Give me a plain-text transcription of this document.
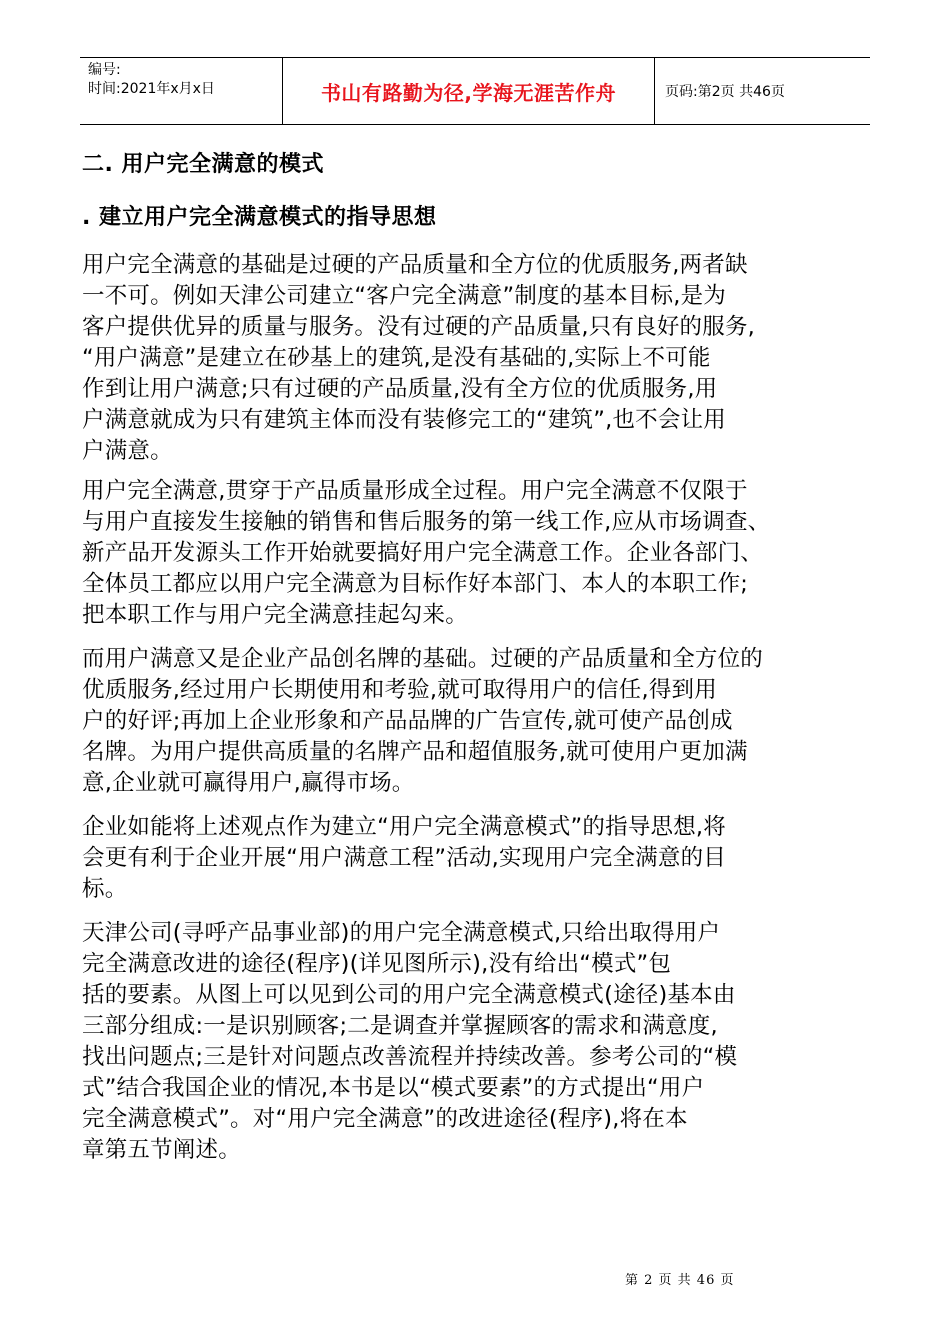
编号:
时间:2021年x月x日	书山有路勤为径,学海无涯苦作舟	页码:第2页 共46页
二. 用户完全满意的模式
. 建立用户完全满意模式的指导思想
用户完全满意的基础是过硬的产品质量和全方位的优质服务,两者缺
一不可。例如天津公司建立“客户完全满意”制度的基本目标,是为
客户提供优异的质量与服务。没有过硬的产品质量,只有良好的服务,
“用户满意”是建立在砂基上的建筑,是没有基础的,实际上不可能
作到让用户满意;只有过硬的产品质量,没有全方位的优质服务,用
户满意就成为只有建筑主体而没有装修完工的“建筑”,也不会让用
户满意。
用户完全满意,贯穿于产品质量形成全过程。用户完全满意不仅限于
与用户直接发生接触的销售和售后服务的第一线工作,应从市场调查、
新产品开发源头工作开始就要搞好用户完全满意工作。企业各部门、
全体员工都应以用户完全满意为目标作好本部门、本人的本职工作;
把本职工作与用户完全满意挂起勾来。
而用户满意又是企业产品创名牌的基础。过硬的产品质量和全方位的
优质服务,经过用户长期使用和考验,就可取得用户的信任,得到用
户的好评;再加上企业形象和产品品牌的广告宣传,就可使产品创成
名牌。为用户提供高质量的名牌产品和超值服务,就可使用户更加满
意,企业就可赢得用户,赢得市场。
企业如能将上述观点作为建立“用户完全满意模式”的指导思想,将
会更有利于企业开展“用户满意工程”活动,实现用户完全满意的目
标。
天津公司(寻呼产品事业部)的用户完全满意模式,只给出取得用户
完全满意改进的途径(程序)(详见图所示),没有给出“模式”包
括的要素。从图上可以见到公司的用户完全满意模式(途径)基本由
三部分组成:一是识别顾客;二是调查并掌握顾客的需求和满意度,
找出问题点;三是针对问题点改善流程并持续改善。参考公司的“模
式”结合我国企业的情况,本书是以“模式要素”的方式提出“用户
完全满意模式”。对“用户完全满意”的改进途径(程序),将在本
章第五节阐述。
第 2 页 共 46 页
